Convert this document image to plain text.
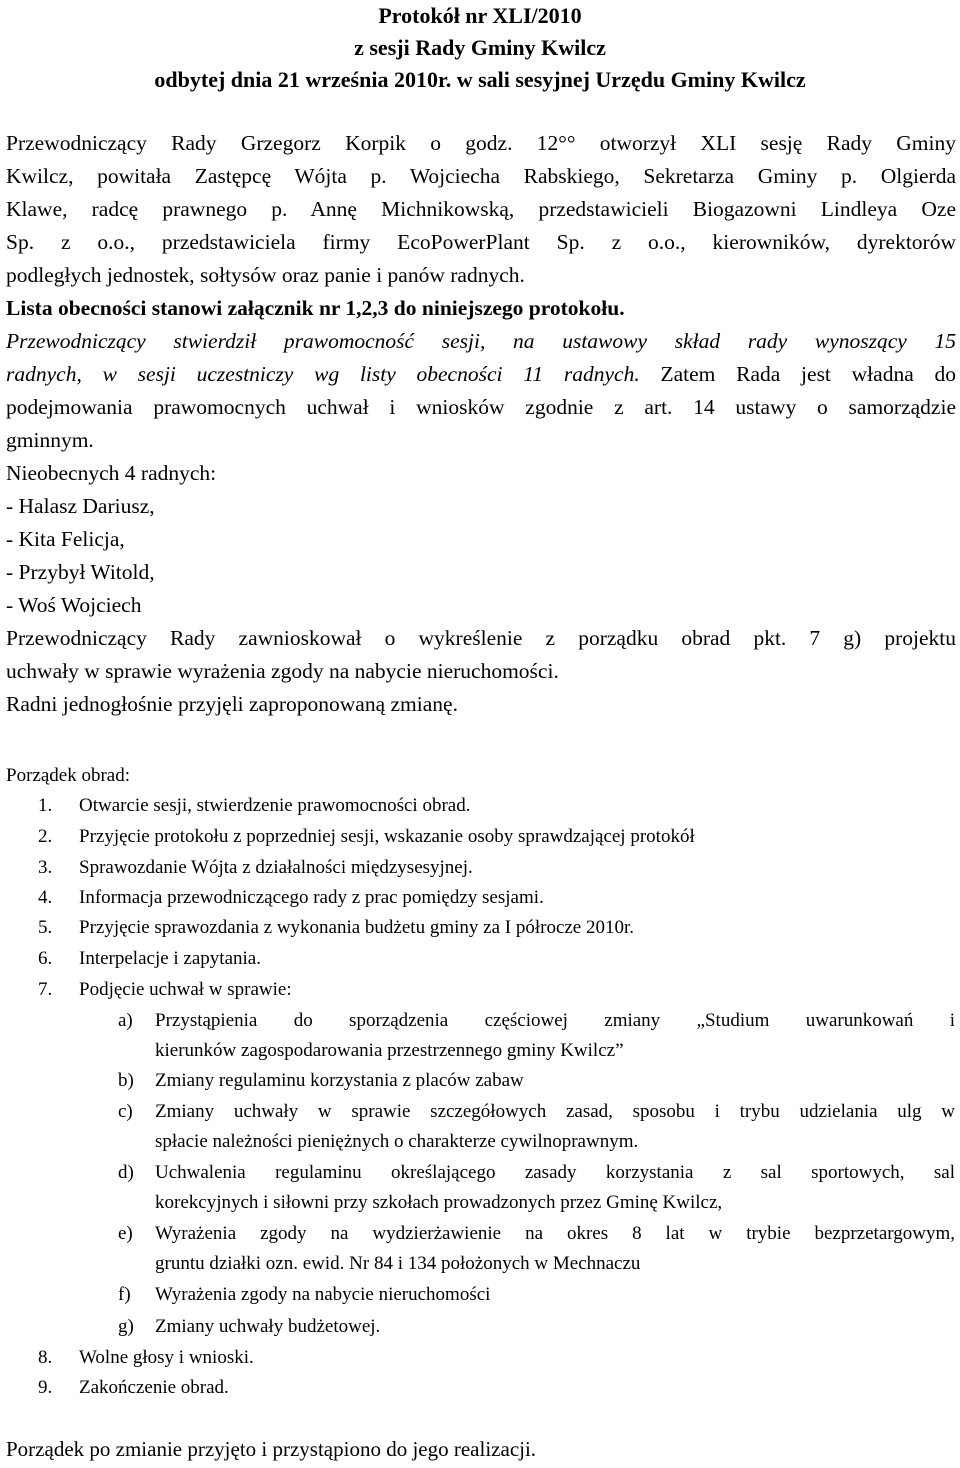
Protokół nr XLI/2010
z sesji Rady Gminy Kwilcz
odbytej dnia 21 września 2010r. w sali sesyjnej Urzędu Gminy Kwilcz

Przewodniczący Rady Grzegorz Korpik o godz. 12°° otworzył XLI sesję Rady Gminy

Kwilcz, powitała Zastępcę Wójta p. Wojciecha Rabskiego, Sekretarza Gminy p. Olgierda

Klawe, radcę prawnego p. Annę Michnikowską, przedstawicieli Biogazowni Lindleya Oze

Sp. z o.o., przedstawiciela firmy EcoPowerPlant Sp. z o.o., kierowników, dyrektorów

podległych jednostek, sołtysów oraz panie i panów radnych.

Lista obecności stanowi załącznik nr 1,2,3 do niniejszego protokołu.

Przewodniczący stwierdził prawomocność sesji, na ustawowy skład rady wynoszący 15

radnych, w sesji uczestniczy wg listy obecności 11 radnych. Zatem Rada jest władna do

podejmowania prawomocnych uchwał i wniosków zgodnie z art. 14 ustawy o samorządzie

gminnym.

Nieobecnych 4 radnych:

- Halasz Dariusz,

- Kita Felicja,

- Przybył Witold,

- Woś Wojciech

Przewodniczący Rady zawnioskował o wykreślenie z porządku obrad pkt. 7 g) projektu

uchwały w sprawie wyrażenia zgody na nabycie nieruchomości.

Radni jednogłośnie przyjęli zaproponowaną zmianę.

Porządek obrad:
1.	Otwarcie sesji, stwierdzenie prawomocności obrad.
2.	Przyjęcie protokołu z poprzedniej sesji, wskazanie osoby sprawdzającej protokół
3.	Sprawozdanie Wójta z działalności międzysesyjnej.
4.	Informacja przewodniczącego rady z prac pomiędzy sesjami.
5.	Przyjęcie sprawozdania z wykonania budżetu gminy za I półrocze 2010r.
6.	Interpelacje i zapytania.
7.	Podjęcie uchwał w sprawie:
a) Przystąpienia do sporządzenia częściowej zmiany „Studium uwarunkowań i
kierunków zagospodarowania przestrzennego gminy Kwilcz”
b) Zmiany regulaminu korzystania z placów zabaw
c) Zmiany uchwały w sprawie szczegółowych zasad, sposobu i trybu udzielania ulg w
spłacie należności pieniężnych o charakterze cywilnoprawnym.
d) Uchwalenia regulaminu określającego zasady korzystania z sal sportowych, sal
korekcyjnych i siłowni przy szkołach prowadzonych przez Gminę Kwilcz,
e) Wyrażenia zgody na wydzierżawienie na okres 8 lat w trybie bezprzetargowym,
gruntu działki ozn. ewid. Nr 84 i 134 położonych w Mechnaczu
f) Wyrażenia zgody na nabycie nieruchomości
g) Zmiany uchwały budżetowej.
8.	Wolne głosy i wnioski.
9.	Zakończenie obrad.
Porządek po zmianie przyjęto i przystąpiono do jego realizacji.
